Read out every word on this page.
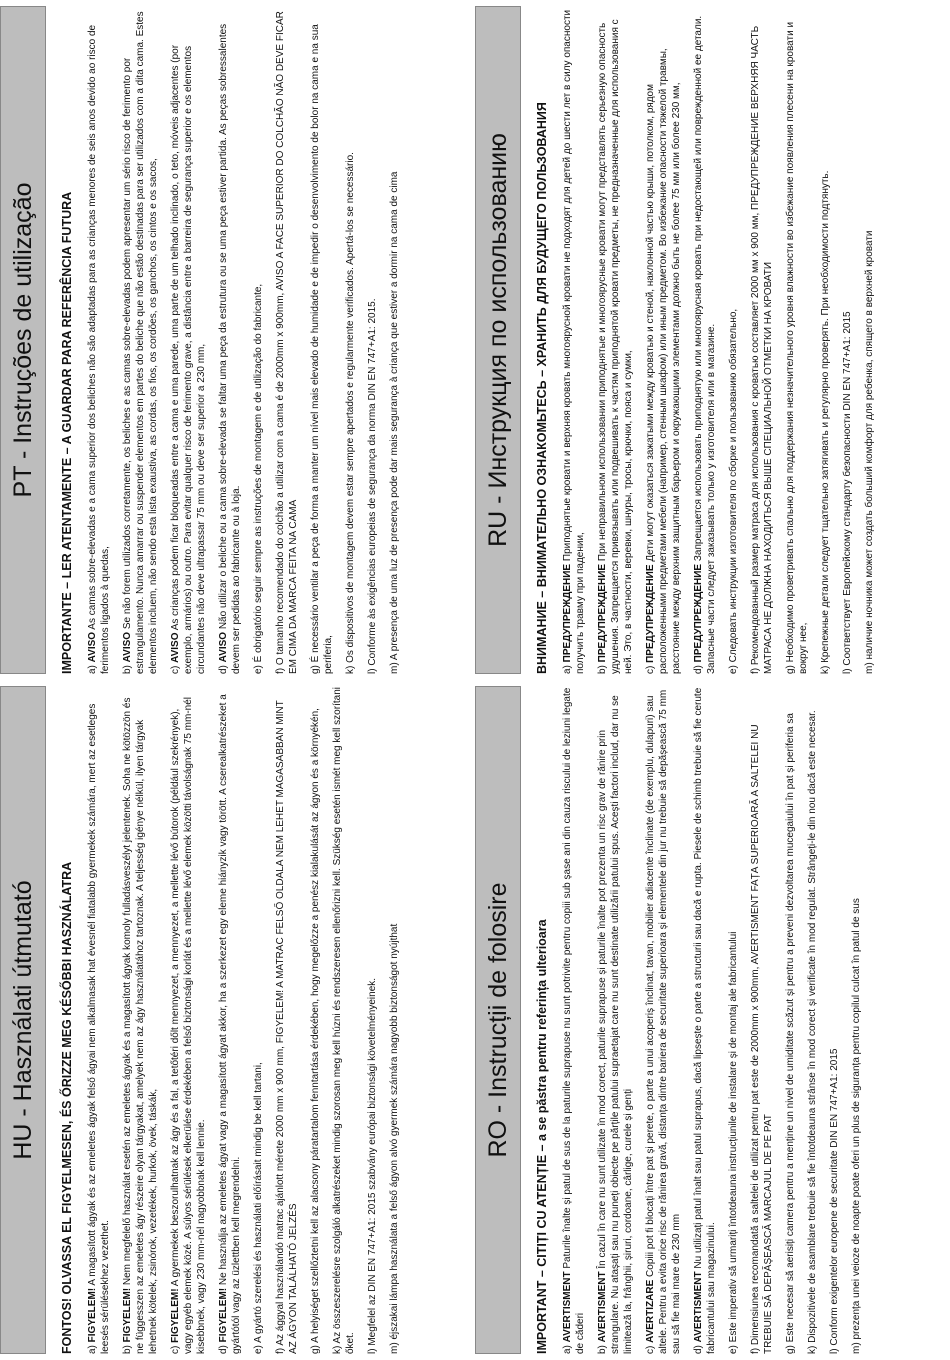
HU - Használati útmutató	FONTOS! OLVASSA EL FIGYELMESEN, ÉS ŐRIZZE MEG KÉSŐBBI HASZNÁLATRA a) FIGYELEM! A magasított ágyak és az emeletes ágyak felső ágyai nem alkalmasak hat évesnél fiatalabb gyermekek számára, mert az esetleges leesés sérülésekhez vezethet. b) FIGYELEM! Nem megfelelő használat esetén az emeletes ágyak és a magasított ágyak komoly fulladásveszélyt jelentenek. Soha ne kötözzön és ne függesszen az emeletes ágy részeire olyan tárgyakat, amelyek nem az ágy használatához tartoznak. A teljesség igénye nélkül, ilyen tárgyak lehetnek kötelek, zsinórok, vezetékek, hurkok, övek, táskák, c) FIGYELEM! A gyermekek beszorulhatnak az ágy és a fal, a tetőtéri dőlt mennyezet, a mennyezet, a mellette lévő bútorok (például szekrények), vagy egyéb elemek közé. A súlyos sérülések elkerülése érdekében a felső biztonsági korlát és a mellette lévő elemek közötti távolságnak 75 mm-nél kisebbnek, vagy 230 mm-nél nagyobbnak kell lennie. d) FIGYELEM! Ne használja az emeletes ágyat vagy a magasított ágyat akkor, ha a szerkezet egy eleme hiányzik vagy törött. A cserealkatrészeket a gyártótól vagy az üzlettben kell megrendelni. e) A gyártó szerelési és használati előírásait mindig be kell tartani,
f) Az ággyal használandó matrac ajánlott mérete 2000 mm x 900 mm, FIGYELEM! A MATRAC FELSŐ OLDALA NEM LEHET MAGASABBAN MINT AZ ÁGYON TALÁLHATÓ JELZÉS g) A helyiséget szellőztetni kell az alacsony páratartalom fenntartása érdekében, hogy megelőzze a penész kialakulását az ágyon és a környékén,
k) Az összeszerelésre szolgáló alkatrészeket mindig szorosan meg kell húzni és rendszeresen ellenőrizni kell. Szükség esetén ismét meg kell szorítani őket. l) Megfelel az DIN EN 747+A1: 2015 szabvány európai biztonsági követelményeinek.
m) éjszakai lámpa használata a felső ágyon alvó gyermek számára nagyobb biztonságot nyújthat	RO - Instrucții de folosire	IMPORTANT – CITIȚI CU ATENȚIE – a se păstra pentru referința ulterioara a) AVERTISMENT Paturile înalte și patul de sus de la paturile suprapuse nu sunt potrivite pentru copiii sub șase ani din cauza riscului de leziuni legate de căderi b) AVERTISMENT În cazul în care nu sunt utilizate în mod corect, paturile suprapuse și paturile înalte pot prezenta un risc grav de rănire prin strangulare. Nu atașați sau nu puneți obiecte pe părțile patului supraetajat care nu sunt destinate utilizării patului spus. Acești factori includ, dar nu se limitează la, frânghii, șiruri, cordoane, cârlige, curele și genți c) AVERTIZARE Copiii pot fi blocați între pat și perete, o parte a unui acoperiș înclinat, tavan, mobilier adiacente înclinate (de exemplu, dulapuri) sau altele. Pentru a evita orice risc de rănirea gravă, distanța dintre bariera de securitate superioara și elementele din jur nu trebuie să depășească 75 mm sau să fie mai mare de 230 mm d) AVERTISMENT Nu utilizați patul înalt sau patul suprapus, dacă lipsește o parte a structurii sau dacă e rupta. Piesele de schimb trebuie să fie cerute fabricantului sau magazinului. e) Este imperativ să urmariți întotdeauna instrucțiunile de instalare și de montaj ale fabricantului
f) Dimensiunea recomandată a saltelei de utilizat pentru pat este de 2000mm x 900mm, AVERTISMENT FAȚA SUPERIOARĂ A SALTELEI NU TREBUIE SĂ DEPĂȘEASCĂ MARCAJUL DE PE PAT g) Este necesar să aerisiți camera pentru a menține un nivel de umiditate scăzut și pentru a preveni dezvoltarea mucegaiului în pat și periferia sa
k) Dispozitivele de asamblare trebuie să fie întotdeauna strânse în mod corect și verificate în mod regulat. Strângeți-le din nou dacă este necesar.
l) Conform exigentelor europene de securitate DIN EN 747+A1: 2015
m) prezența unei veioze de noapte poate oferi un plus de siguranța pentru copilul culcat în patul de sus
PT - Instruções de utilização	IMPORTANTE – LER ATENTAMENTE – A GUARDAR PARA REFERÊNCIA FUTURA a) AVISO As camas sobre-elevadas e a cama superior dos beliches não são adaptadas para as crianças menores de seis anos devido ao risco de ferimentos ligados à quedas, b) AVISO Se não forem utilizados corretamente, os beliches e as camas sobre-elevadas podem apresentar um sério risco de ferimento por estrangulamento. Nunca amarrar ou suspender elementos em partes do beliche que não estão destinadas para ser utilizados com a dita cama. Estes elementos incluem, não sendo esta lista exaustiva, as cordas, os fios, os cordões, os ganchos, os cintos e os sacos, c) AVISO As crianças podem ficar bloqueadas entre a cama e uma parede, uma parte de um telhado inclinado, o teto, móveis adjacentes (por exemplo, armários) ou outro. Para evitar qualquer risco de ferimento grave, a distância entre a barreira de segurança superior e os elementos circundantes não deve ultrapassar 75 mm ou deve ser superior a 230 mm, d) AVISO Não utilizar o beliche ou a cama sobre-elevada se faltar uma peça da estrutura ou se uma peça estiver partida. As peças sobressalentes devem ser pedidas ao fabricante ou à loja. e) É obrigatório seguir sempre as instruções de montagem e de utilização do fabricante,
f) O tamanho recomendado do colchão a utilizar com a cama é de 2000mm x 900mm, AVISO A FACE SUPERIOR DO COLCHÃO NÃO DEVE FICAR EM CIMA DA MARCA FEITA NA CAMA g) É necessário ventilar a peça de forma a manter um nível mais elevado de humidade e de impedir o desenvolvimento de bolor na cama e na sua periferia, k) Os dispositivos de montagem devem estar sempre apertados e regularmente verificados. Apertá-los se necessário.
l) Conforme às exigências europeias de segurança da norma DIN EN 747+A1: 2015.
m) A presença de uma luz de presença pode dar mais segurança à criança que estiver a dormir na cama de cima	RU - Инструкция по использованию	ВНИМАНИЕ – ВНИМАТЕЛЬНО ОЗНАКОМЬТЕСЬ – ХРАНИТЬ ДЛЯ БУДУЩЕГО ПОЛЬЗОВАНИЯ a) ПРЕДУПРЕЖДЕНИЕ Приподнятые кровати и верхняя кровать многоярусной кровати не подходят для детей до шести лет в силу опасности получить травму при падении, b) ПРЕДУПРЕЖДЕНИЕ При неправильном использовании приподнятые и многоярусные кровати могут представлять серьезную опасность удушения. Запрещается привязывать или подвешивать к частям приподнятой кровати предметы, не предназначенные для использования с ней. Это, в частности, веревки, шнуры, тросы, крючки, пояса и сумки, c) ПРЕДУПРЕЖДЕНИЕ Дети могут оказаться зажатыми между кроватью и стеной, наклонной частью крыши, потолком, рядом расположенными предметами мебели (например, стенным шкафом) или иным предметом. Во избежание опасности тяжелой травмы, расстояние между верхним защитным барьером и окружающими элементами должно быть не более 75 мм или более 230 мм, d) ПРЕДУПРЕЖДЕНИЕ Запрещается использовать приподнятую или многоярусная кровать при недостающей или поврежденной ее детали. Запасные части следует заказывать только у изготовителя или в магазине. e) Следовать инструкции изготовителя по сборке и пользованию обязательно,
f) Рекомендованный размер матраса для использования с кроватью составляет 2000 мм x 900 мм, ПРЕДУПРЕЖДЕНИЕ ВЕРХНЯЯ ЧАСТЬ МАТРАСА НЕ ДОЛЖНА НАХОДИТЬСЯ ВЫШЕ СПЕЦИАЛЬНОЙ ОТМЕТКИ НА КРОВАТИ g) Необходимо проветривать спальню для поддержания незначительного уровня влажности во избежание появления плесени на кровати и вокруг нее, k) Крепежные детали следует тщательно затягивать и регулярно проверять. При необходимости подтянуть.
l) Соответствует Европейскому стандарту безопасности DIN EN 747+A1: 2015
m) наличие ночника может создать больший комфорт для ребенка, спящего в верхней кровати
